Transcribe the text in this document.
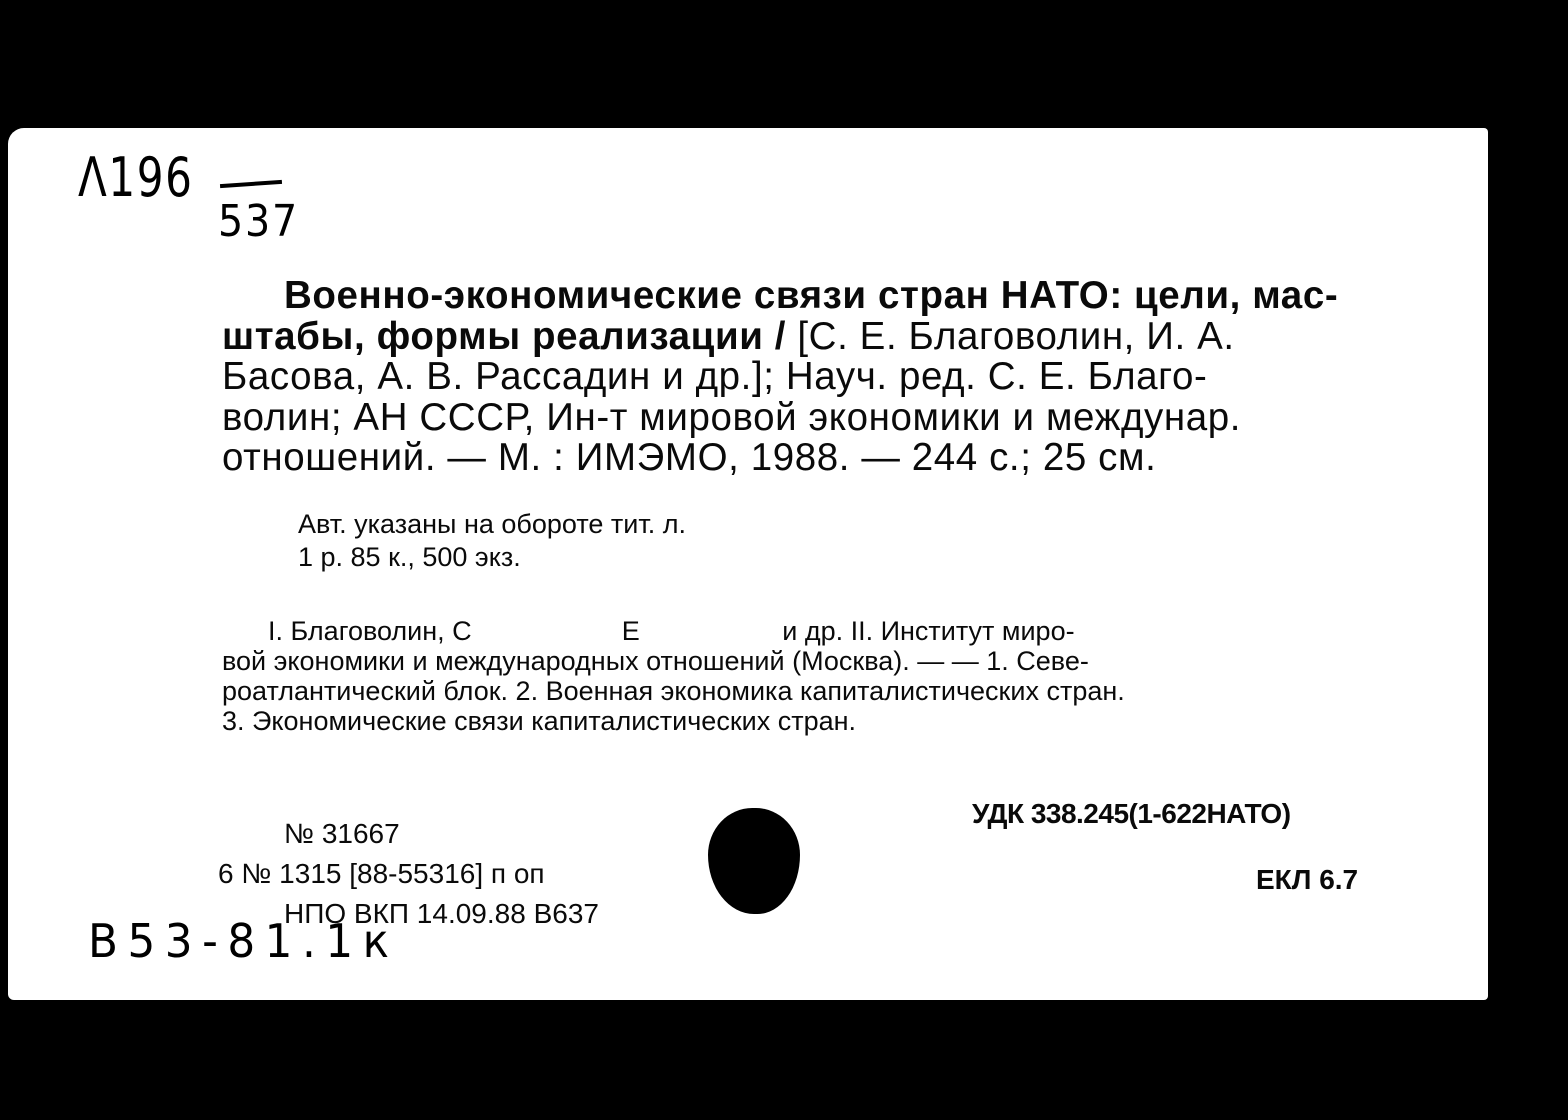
Λ196
537
Военно-экономические связи стран НАТО: цели, мас-
штабы, формы реализации / [С. Е. Благоволин, И. А.
Басова, А. В. Рассадин и др.]; Науч. ред. С. Е. Благо-
волин; АН СССР, Ин-т мировой экономики и междунар.
отношений. — М. : ИМЭМО, 1988. — 244 с.; 25 см.
Авт. указаны на обороте тит. л.
1 р. 85 к., 500 экз.
I. Благоволин, С                    Е                   и др. II. Институт миро-
вой экономики и международных отношений (Москва). — — 1. Севе-
роатлантический блок. 2. Военная экономика капиталистических стран.
3. Экономические связи капиталистических стран.
УДК 338.245(1-622НАТО)
ЕКЛ 6.7
№ 31667
6 № 1315 [88-55316] п оп
НПО ВКП 14.09.88 В637
В53-81.1к
